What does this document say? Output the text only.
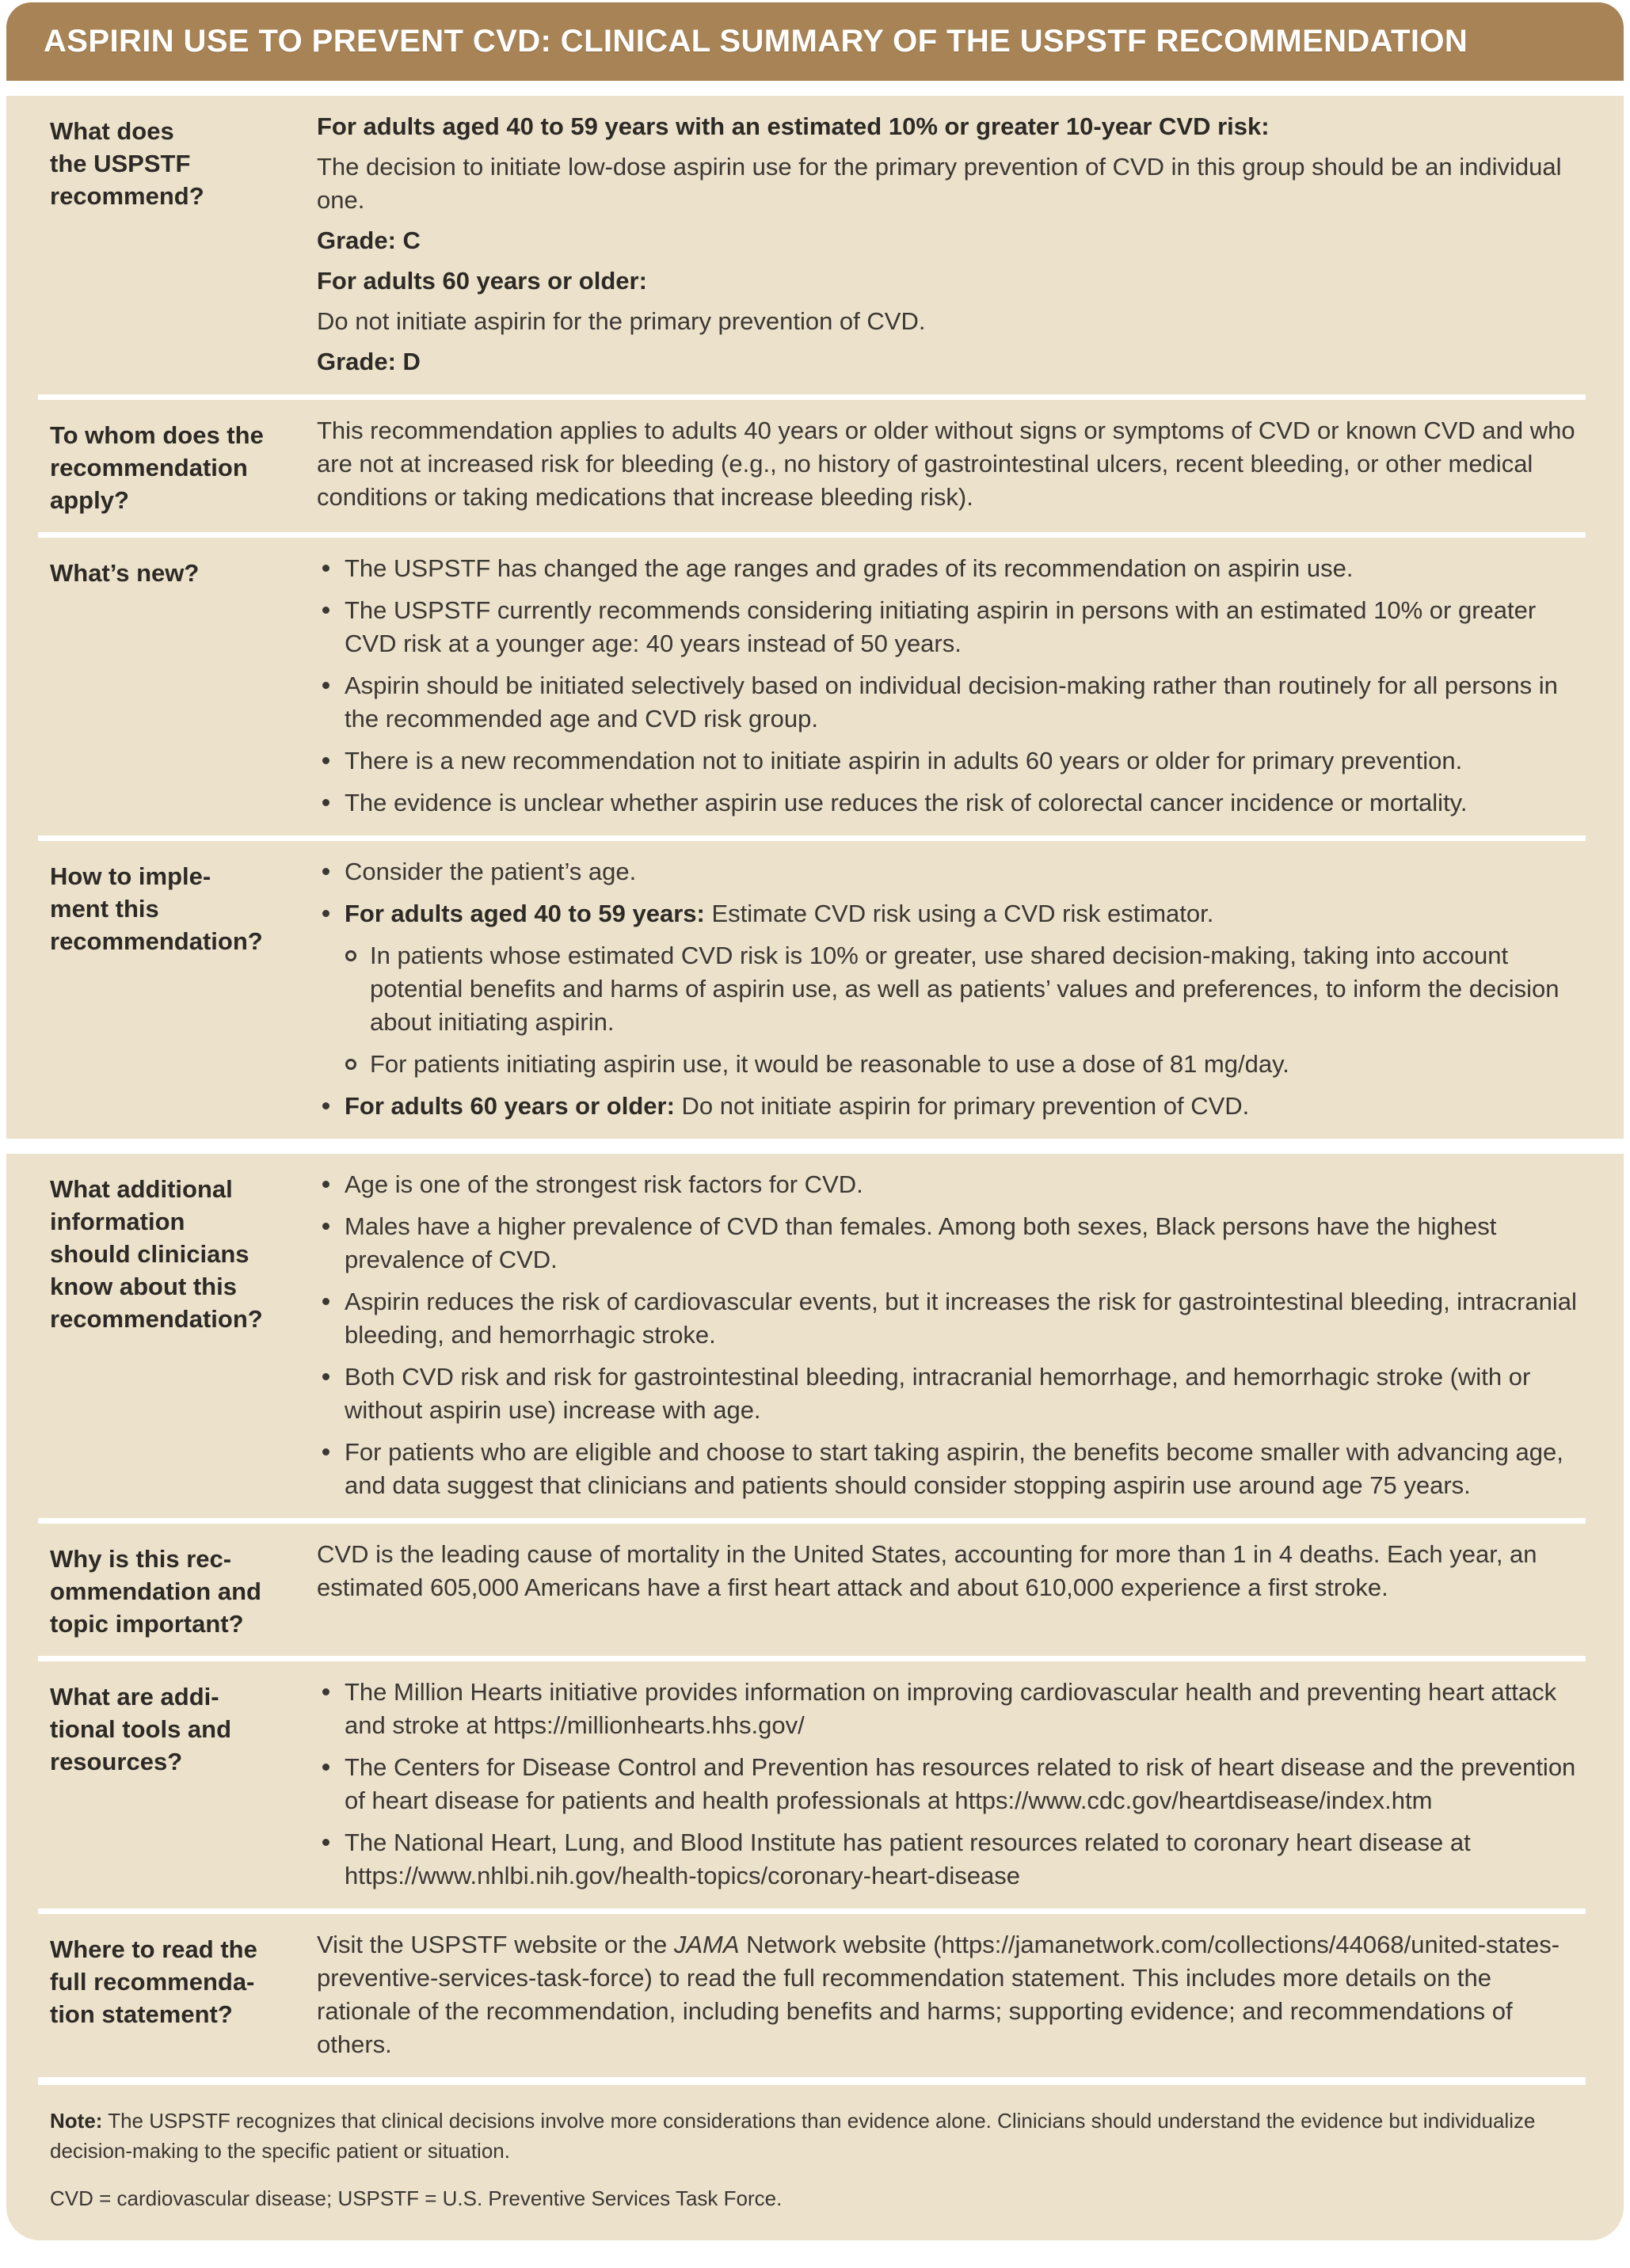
ASPIRIN USE TO PREVENT CVD: CLINICAL SUMMARY OF THE USPSTF RECOMMENDATION
What does
the USPSTF
recommend?
For adults aged 40 to 59 years with an estimated 10% or greater 10-year CVD risk:
The decision to initiate low-dose aspirin use for the primary prevention of CVD in this group should be an individual one.
Grade: C
For adults 60 years or older:
Do not initiate aspirin for the primary prevention of CVD.
Grade: D
To whom does the
recommendation
apply?
This recommendation applies to adults 40 years or older without signs or symptoms of CVD or known CVD and who are not at increased risk for bleeding (e.g., no history of gastrointestinal ulcers, recent bleeding, or other medical conditions or taking medications that increase bleeding risk).
What’s new?	The USPSTF has changed the age ranges and grades of its recommendation on aspirin use.
The USPSTF currently recommends considering initiating aspirin in persons with an estimated 10% or greater CVD risk at a younger age: 40 years instead of 50 years.
Aspirin should be initiated selectively based on individual decision-making rather than routinely for all persons in the recommended age and CVD risk group.
There is a new recommendation not to initiate aspirin in adults 60 years or older for primary prevention.
The evidence is unclear whether aspirin use reduces the risk of colorectal cancer incidence or mortality.
How to imple-
ment this
recommendation?
Consider the patient’s age.
For adults aged 40 to 59 years: Estimate CVD risk using a CVD risk estimator.
In patients whose estimated CVD risk is 10% or greater, use shared decision-making, taking into account potential benefits and harms of aspirin use, as well as patients’ values and preferences, to inform the decision about initiating aspirin.
For patients initiating aspirin use, it would be reasonable to use a dose of 81 mg/day.
For adults 60 years or older: Do not initiate aspirin for primary prevention of CVD.
What additional
information
should clinicians
know about this
recommendation?
Age is one of the strongest risk factors for CVD.
Males have a higher prevalence of CVD than females. Among both sexes, Black persons have the highest prevalence of CVD.
Aspirin reduces the risk of cardiovascular events, but it increases the risk for gastrointestinal bleeding, intracranial bleeding, and hemorrhagic stroke.
Both CVD risk and risk for gastrointestinal bleeding, intracranial hemorrhage, and hemorrhagic stroke (with or without aspirin use) increase with age.
For patients who are eligible and choose to start taking aspirin, the benefits become smaller with advancing age, and data suggest that clinicians and patients should consider stopping aspirin use around age 75 years.
Why is this rec-
ommendation and
topic important?
CVD is the leading cause of mortality in the United States, accounting for more than 1 in 4 deaths. Each year, an estimated 605,000 Americans have a first heart attack and about 610,000 experience a first stroke.
What are addi-
tional tools and
resources?
The Million Hearts initiative provides information on improving cardiovascular health and preventing heart attack and stroke at https://millionhearts.hhs.gov/
The Centers for Disease Control and Prevention has resources related to risk of heart disease and the prevention of heart disease for patients and health professionals at https://www.cdc.gov/heartdisease/index.htm
The National Heart, Lung, and Blood Institute has patient resources related to coronary heart disease at https://www.nhlbi.nih.gov/health-topics/coronary-heart-disease
Where to read the
full recommenda-
tion statement?
Visit the USPSTF website or the JAMA Network website (https://jamanetwork.com/collections/44068/united-states-preventive-services-task-force) to read the full recommendation statement. This includes more details on the rationale of the recommendation, including benefits and harms; supporting evidence; and recommendations of others.

Note: The USPSTF recognizes that clinical decisions involve more considerations than evidence alone. Clinicians should understand the evidence but individualize decision-making to the specific patient or situation.

CVD = cardiovascular disease; USPSTF = U.S. Preventive Services Task Force.
